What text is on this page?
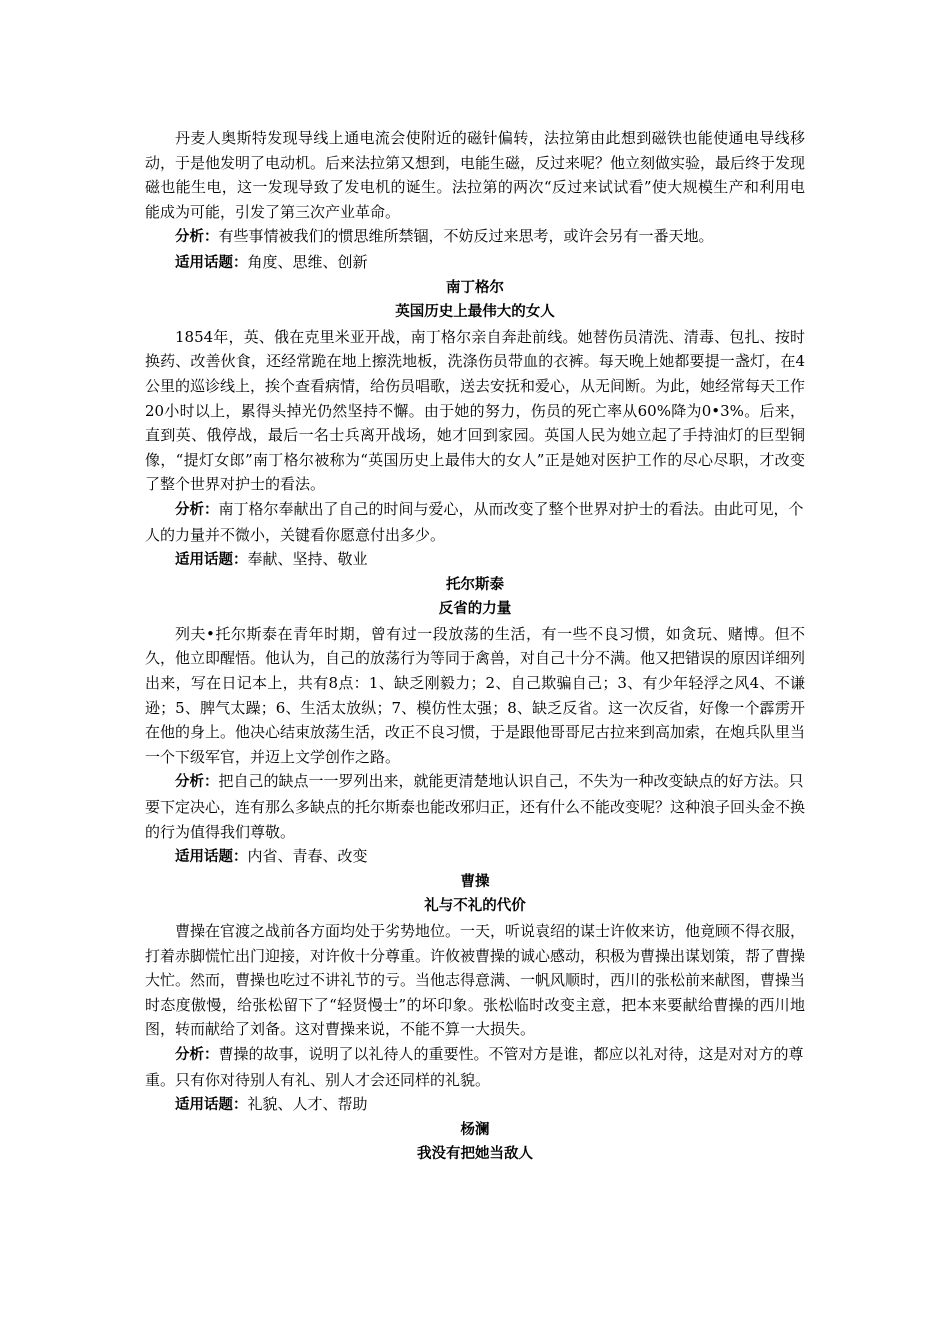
丹麦人奥斯特发现导线上通电流会使附近的磁针偏转，法拉第由此想到磁铁也能使通电导线移动，于是他发明了电动机。后来法拉第又想到，电能生磁，反过来呢？他立刻做实验，最后终于发现磁也能生电，这一发现导致了发电机的诞生。法拉第的两次“反过来试试看”使大规模生产和利用电能成为可能，引发了第三次产业革命。

分析：有些事情被我们的惯思维所禁锢，不妨反过来思考，或许会另有一番天地。

适用话题：角度、思维、创新

南丁格尔

英国历史上最伟大的女人

1854年，英、俄在克里米亚开战，南丁格尔亲自奔赴前线。她替伤员清洗、清毒、包扎、按时换药、改善伙食，还经常跪在地上擦洗地板，洗涤伤员带血的衣裤。每天晚上她都要提一盏灯，在4公里的巡诊线上，挨个查看病情，给伤员唱歌，送去安抚和爱心，从无间断。为此，她经常每天工作20小时以上，累得头掉光仍然坚持不懈。由于她的努力，伤员的死亡率从60%降为0•3%。后来，直到英、俄停战，最后一名士兵离开战场，她才回到家园。英国人民为她立起了手持油灯的巨型铜像，“提灯女郎”南丁格尔被称为“英国历史上最伟大的女人”正是她对医护工作的尽心尽职，才改变了整个世界对护士的看法。

分析：南丁格尔奉献出了自己的时间与爱心，从而改变了整个世界对护士的看法。由此可见，个人的力量并不微小，关键看你愿意付出多少。

适用话题：奉献、坚持、敬业

托尔斯泰

反省的力量

列夫•托尔斯泰在青年时期，曾有过一段放荡的生活，有一些不良习惯，如贪玩、赌博。但不久，他立即醒悟。他认为，自己的放荡行为等同于禽兽，对自己十分不满。他又把错误的原因详细列出来，写在日记本上，共有8点：1、缺乏刚毅力；2、自己欺骗自己；3、有少年轻浮之风4、不谦逊；5、脾气太躁；6、生活太放纵；7、模仿性太强；8、缺乏反省。这一次反省，好像一个霹雳开在他的身上。他决心结束放荡生活，改正不良习惯，于是跟他哥哥尼古拉来到高加索，在炮兵队里当一个下级军官，并迈上文学创作之路。

分析：把自己的缺点一一罗列出来，就能更清楚地认识自己，不失为一种改变缺点的好方法。只要下定决心，连有那么多缺点的托尔斯泰也能改邪归正，还有什么不能改变呢？这种浪子回头金不换的行为值得我们尊敬。

适用话题：内省、青春、改变

曹操

礼与不礼的代价

曹操在官渡之战前各方面均处于劣势地位。一天，听说袁绍的谋士许攸来访，他竟顾不得衣服，打着赤脚慌忙出门迎接，对许攸十分尊重。许攸被曹操的诚心感动，积极为曹操出谋划策，帮了曹操大忙。然而，曹操也吃过不讲礼节的亏。当他志得意满、一帆风顺时，西川的张松前来献图，曹操当时态度傲慢，给张松留下了“轻贤慢士”的坏印象。张松临时改变主意，把本来要献给曹操的西川地图，转而献给了刘备。这对曹操来说，不能不算一大损失。

分析：曹操的故事，说明了以礼待人的重要性。不管对方是谁，都应以礼对待，这是对对方的尊重。只有你对待别人有礼、别人才会还同样的礼貌。

适用话题：礼貌、人才、帮助

杨澜

我没有把她当敌人
